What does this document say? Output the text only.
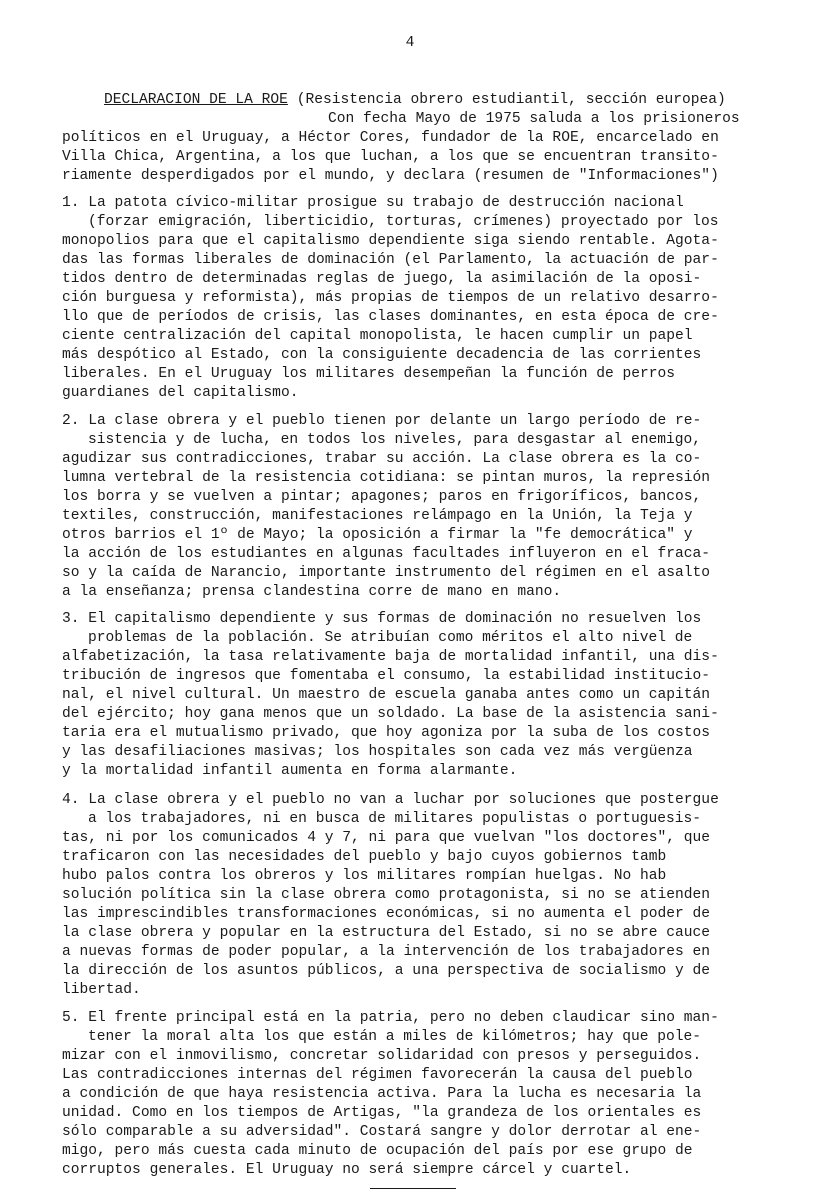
4
DECLARACION DE LA ROE (Resistencia obrero estudiantil, sección europea)
Con fecha Mayo de 1975 saluda a los prisioneros
políticos en el Uruguay, a Héctor Cores, fundador de la ROE, encarcelado en
Villa Chica, Argentina, a los que luchan, a los que se encuentran transito-
riamente desperdigados por el mundo, y declara (resumen de "Informaciones")
1. La patota cívico-militar prosigue su trabajo de destrucción nacional
(forzar emigración, liberticidio, torturas, crímenes) proyectado por los
monopolios para que el capitalismo dependiente siga siendo rentable. Agota-
das las formas liberales de dominación (el Parlamento, la actuación de par-
tidos dentro de determinadas reglas de juego, la asimilación de la oposi-
ción burguesa y reformista), más propias de tiempos de un relativo desarro-
llo que de períodos de crisis, las clases dominantes, en esta época de cre-
ciente centralización del capital monopolista, le hacen cumplir un papel
más despótico al Estado, con la consiguiente decadencia de las corrientes
liberales. En el Uruguay los militares desempeñan la función de perros
guardianes del capitalismo.
2. La clase obrera y el pueblo tienen por delante un largo período de re-
sistencia y de lucha, en todos los niveles, para desgastar al enemigo,
agudizar sus contradicciones, trabar su acción. La clase obrera es la co-
lumna vertebral de la resistencia cotidiana: se pintan muros, la represión
los borra y se vuelven a pintar; apagones; paros en frigoríficos, bancos,
textiles, construcción, manifestaciones relámpago en la Unión, la Teja y
otros barrios el 1º de Mayo; la oposición a firmar la "fe democrática" y
la acción de los estudiantes en algunas facultades influyeron en el fraca-
so y la caída de Narancio, importante instrumento del régimen en el asalto
a la enseñanza; prensa clandestina corre de mano en mano.
3. El capitalismo dependiente y sus formas de dominación no resuelven los
problemas de la población. Se atribuían como méritos el alto nivel de
alfabetización, la tasa relativamente baja de mortalidad infantil, una dis-
tribución de ingresos que fomentaba el consumo, la estabilidad institucio-
nal, el nivel cultural. Un maestro de escuela ganaba antes como un capitán
del ejército; hoy gana menos que un soldado. La base de la asistencia sani-
taria era el mutualismo privado, que hoy agoniza por la suba de los costos
y las desafiliaciones masivas; los hospitales son cada vez más vergüenza
y la mortalidad infantil aumenta en forma alarmante.
4. La clase obrera y el pueblo no van a luchar por soluciones que postergue
a los trabajadores, ni en busca de militares populistas o portuguesis-
tas, ni por los comunicados 4 y 7, ni para que vuelvan "los doctores", que
traficaron con las necesidades del pueblo y bajo cuyos gobiernos tamb
hubo palos contra los obreros y los militares rompían huelgas. No hab
solución política sin la clase obrera como protagonista, si no se atienden
las imprescindibles transformaciones económicas, si no aumenta el poder de
la clase obrera y popular en la estructura del Estado, si no se abre cauce
a nuevas formas de poder popular, a la intervención de los trabajadores en
la dirección de los asuntos públicos, a una perspectiva de socialismo y de
libertad.
5. El frente principal está en la patria, pero no deben claudicar sino man-
tener la moral alta los que están a miles de kilómetros; hay que pole-
mizar con el inmovilismo, concretar solidaridad con presos y perseguidos.
Las contradicciones internas del régimen favorecerán la causa del pueblo
a condición de que haya resistencia activa. Para la lucha es necesaria la
unidad. Como en los tiempos de Artigas, "la grandeza de los orientales es
sólo comparable a su adversidad". Costará sangre y dolor derrotar al ene-
migo, pero más cuesta cada minuto de ocupación del país por ese grupo de
corruptos generales. El Uruguay no será siempre cárcel y cuartel.
